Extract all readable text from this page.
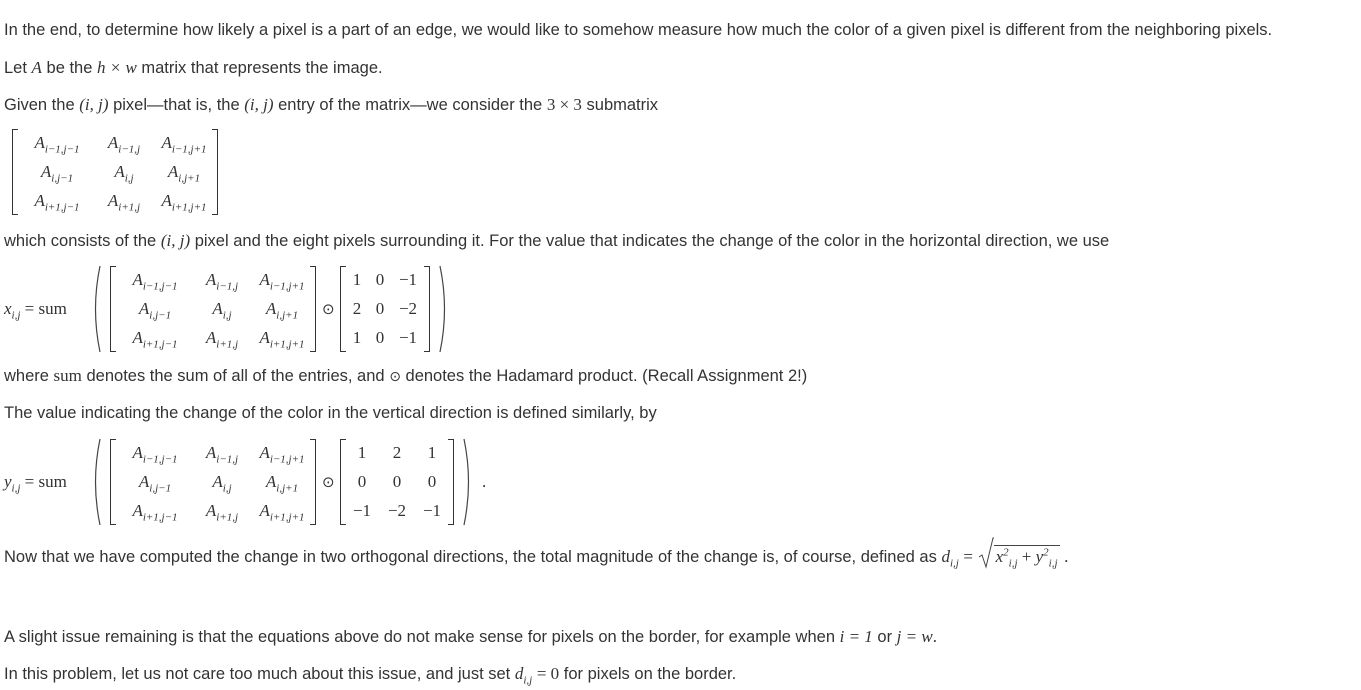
In the end, to determine how likely a pixel is a part of an edge, we would like to somehow measure how much the color of a given pixel is different from the neighboring pixels.
Let A be the h × w matrix that represents the image.
Given the (i, j) pixel—that is, the (i, j) entry of the matrix—we consider the 3 × 3 submatrix
$A_{i-1,j-1}$	$A_{i-1,j}$	$A_{i-1,j+1}$
$A_{i,j-1}$	$A_{i,j}$	$A_{i,j+1}$
$A_{i+1,j-1}$	$A_{i+1,j}$	$A_{i+1,j+1}$
which consists of the (i, j) pixel and the eight pixels surrounding it. For the value that indicates the change of the color in the horizontal direction, we use
$x_{i,j}$ = sum
$A_{i-1,j-1}$	$A_{i-1,j}$	$A_{i-1,j+1}$
$A_{i,j-1}$	$A_{i,j}$	$A_{i,j+1}$
$A_{i+1,j-1}$	$A_{i+1,j}$	$A_{i+1,j+1}$
⊙
1 0 −1
2 0 −2
1 0 −1
where sum denotes the sum of all of the entries, and ⊙ denotes the Hadamard product. (Recall Assignment 2!)
The value indicating the change of the color in the vertical direction is defined similarly, by
$y_{i,j}$ = sum
$A_{i-1,j-1}$	$A_{i-1,j}$	$A_{i-1,j+1}$
$A_{i,j-1}$	$A_{i,j}$	$A_{i,j+1}$
$A_{i+1,j-1}$	$A_{i+1,j}$	$A_{i+1,j+1}$
⊙
1	2	1
0	0	0
−1 −2 −1
.
Now that we have computed the change in two orthogonal directions, the total magnitude of the change is, of course, defined as $d_{i,j} = x^2_{i,j} + y^2_{i,j}$ .
A slight issue remaining is that the equations above do not make sense for pixels on the border, for example when i = 1 or j = w.
In this problem, let us not care too much about this issue, and just set $d_{i,j} = 0$ for pixels on the border.
